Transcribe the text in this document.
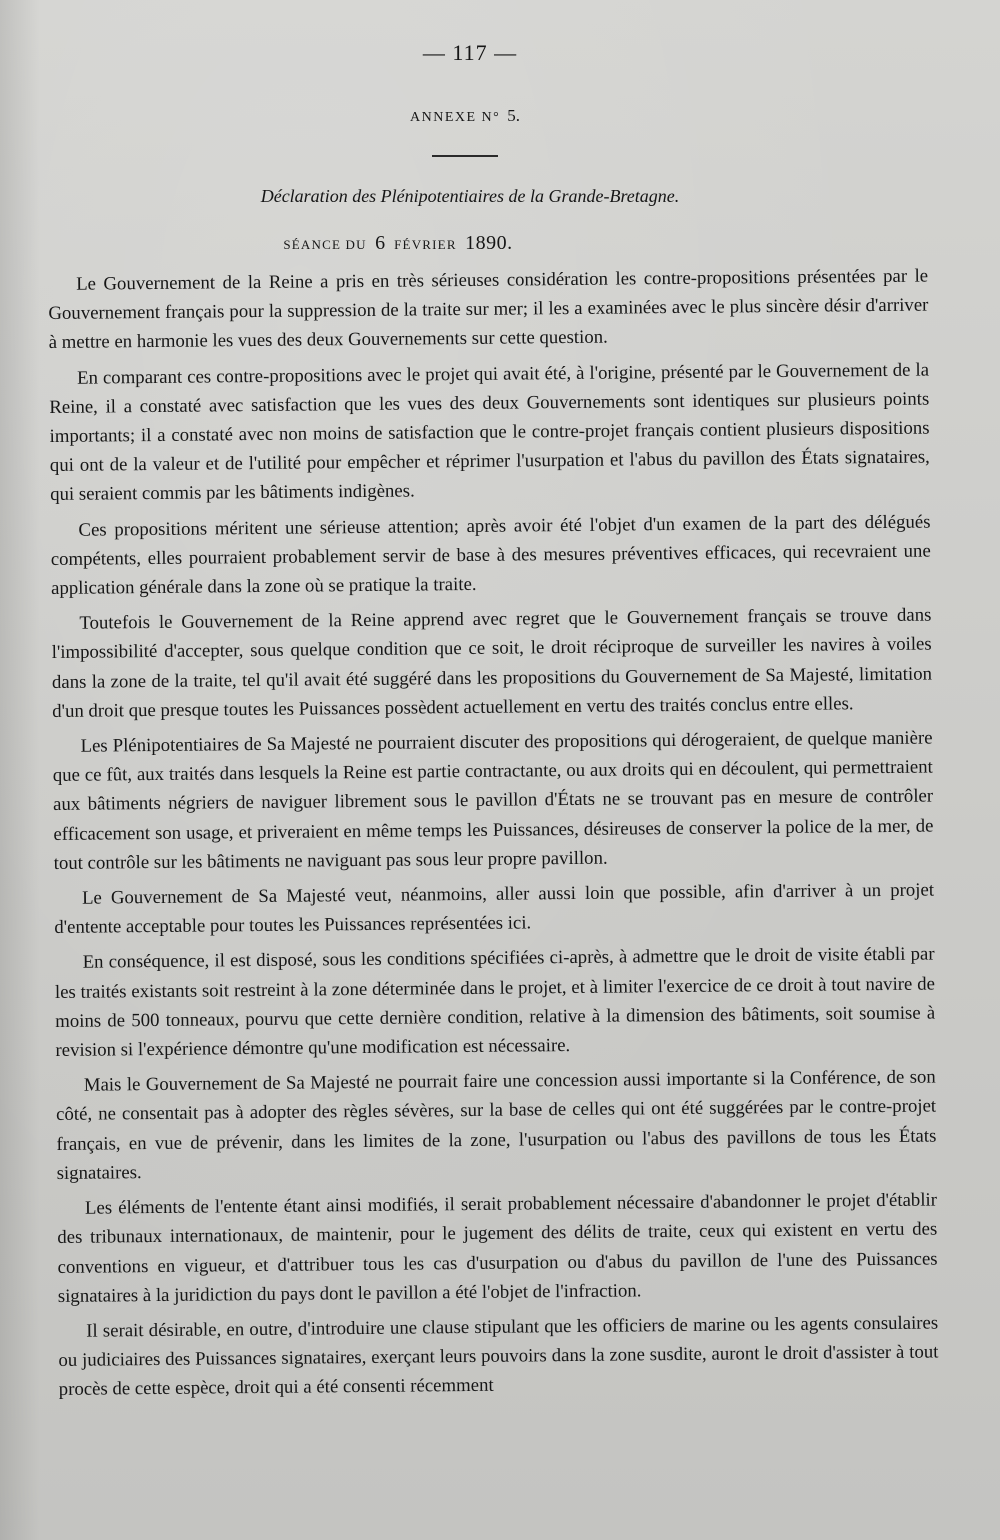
— 117 —
ANNEXE N° 5.
Déclaration des Plénipotentiaires de la Grande-Bretagne.
SÉANCE DU 6 FÉVRIER 1890.

Le Gouvernement de la Reine a pris en très sérieuses considération les contre-propositions présentées par le Gouvernement français pour la suppression de la traite sur mer; il les a examinées avec le plus sincère désir d'arriver à mettre en harmonie les vues des deux Gouvernements sur cette question.

En comparant ces contre-propositions avec le projet qui avait été, à l'origine, présenté par le Gouvernement de la Reine, il a constaté avec satisfaction que les vues des deux Gouvernements sont identiques sur plusieurs points importants; il a constaté avec non moins de satisfaction que le contre-projet français contient plusieurs dispositions qui ont de la valeur et de l'utilité pour empêcher et réprimer l'usurpation et l'abus du pavillon des États signataires, qui seraient commis par les bâtiments indigènes.

Ces propositions méritent une sérieuse attention; après avoir été l'objet d'un examen de la part des délégués compétents, elles pourraient probablement servir de base à des mesures préventives efficaces, qui recevraient une application générale dans la zone où se pratique la traite.

Toutefois le Gouvernement de la Reine apprend avec regret que le Gouvernement français se trouve dans l'impossibilité d'accepter, sous quelque condition que ce soit, le droit réciproque de surveiller les navires à voiles dans la zone de la traite, tel qu'il avait été suggéré dans les propositions du Gouvernement de Sa Majesté, limitation d'un droit que presque toutes les Puissances possèdent actuellement en vertu des traités conclus entre elles.

Les Plénipotentiaires de Sa Majesté ne pourraient discuter des propositions qui dérogeraient, de quelque manière que ce fût, aux traités dans lesquels la Reine est partie contractante, ou aux droits qui en découlent, qui permettraient aux bâtiments négriers de naviguer librement sous le pavillon d'États ne se trouvant pas en mesure de contrôler efficacement son usage, et priveraient en même temps les Puissances, désireuses de conserver la police de la mer, de tout contrôle sur les bâtiments ne naviguant pas sous leur propre pavillon.

Le Gouvernement de Sa Majesté veut, néanmoins, aller aussi loin que possible, afin d'arriver à un projet d'entente acceptable pour toutes les Puissances représentées ici.

En conséquence, il est disposé, sous les conditions spécifiées ci-après, à admettre que le droit de visite établi par les traités existants soit restreint à la zone déterminée dans le projet, et à limiter l'exercice de ce droit à tout navire de moins de 500 tonneaux, pourvu que cette dernière condition, relative à la dimension des bâtiments, soit soumise à revision si l'expérience démontre qu'une modification est nécessaire.

Mais le Gouvernement de Sa Majesté ne pourrait faire une concession aussi importante si la Conférence, de son côté, ne consentait pas à adopter des règles sévères, sur la base de celles qui ont été suggérées par le contre-projet français, en vue de prévenir, dans les limites de la zone, l'usurpation ou l'abus des pavillons de tous les États signataires.

Les éléments de l'entente étant ainsi modifiés, il serait probablement nécessaire d'abandonner le projet d'établir des tribunaux internationaux, de maintenir, pour le jugement des délits de traite, ceux qui existent en vertu des conventions en vigueur, et d'attribuer tous les cas d'usurpation ou d'abus du pavillon de l'une des Puissances signataires à la juridiction du pays dont le pavillon a été l'objet de l'infraction.

Il serait désirable, en outre, d'introduire une clause stipulant que les officiers de marine ou les agents consulaires ou judiciaires des Puissances signataires, exerçant leurs pouvoirs dans la zone susdite, auront le droit d'assister à tout procès de cette espèce, droit qui a été consenti récemment
